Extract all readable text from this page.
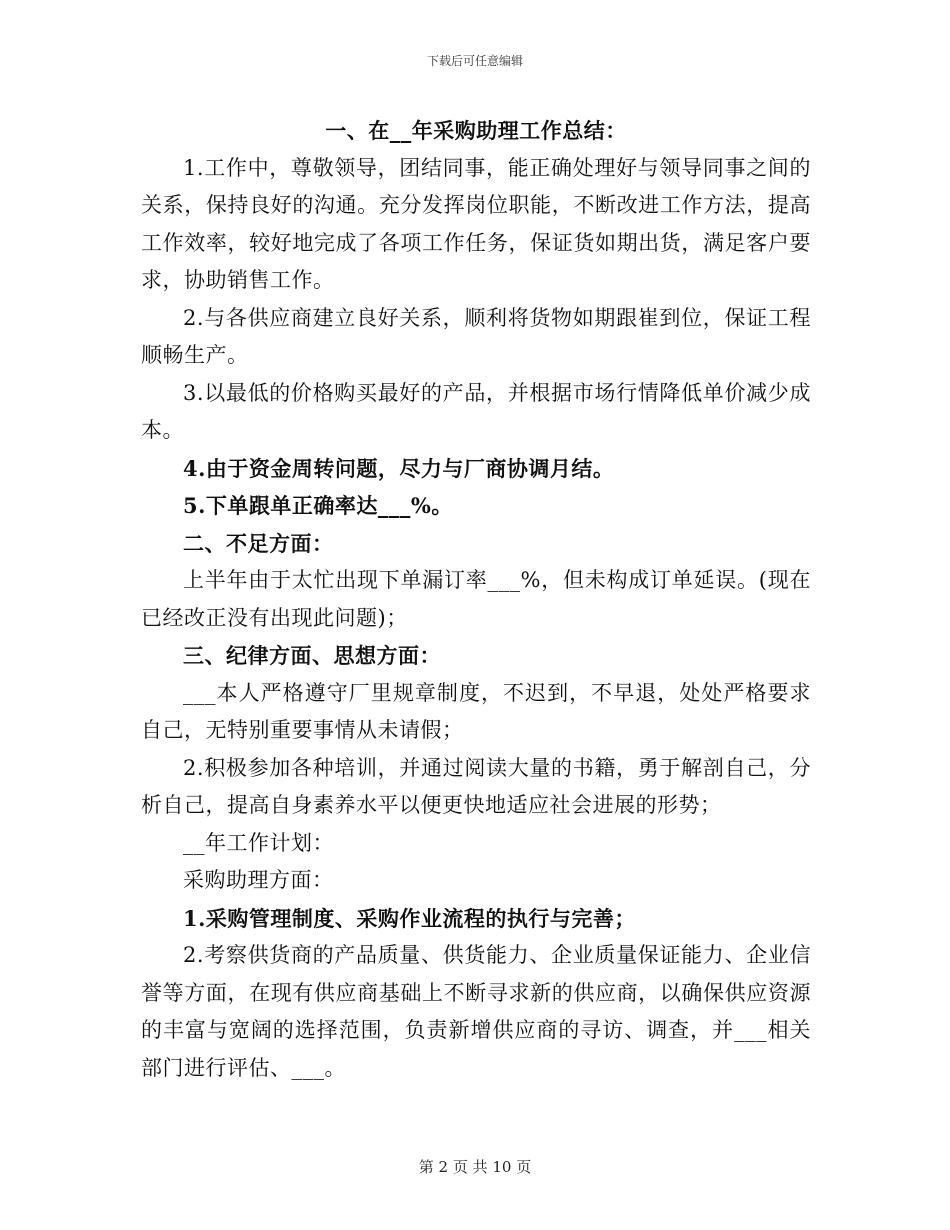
下载后可任意编辑

一、在__年采购助理工作总结：

1.工作中，尊敬领导，团结同事，能正确处理好与领导同事之间的关系，保持良好的沟通。充分发挥岗位职能，不断改进工作方法，提高工作效率，较好地完成了各项工作任务，保证货如期出货，满足客户要求，协助销售工作。

2.与各供应商建立良好关系，顺利将货物如期跟崔到位，保证工程顺畅生产。

3.以最低的价格购买最好的产品，并根据市场行情降低单价减少成本。

4.由于资金周转问题，尽力与厂商协调月结。

5.下单跟单正确率达___%。

二、不足方面：

上半年由于太忙出现下单漏订率___%，但未构成订单延误。(现在已经改正没有出现此问题)；

三、纪律方面、思想方面：

___本人严格遵守厂里规章制度，不迟到，不早退，处处严格要求自己，无特别重要事情从未请假；

2.积极参加各种培训，并通过阅读大量的书籍，勇于解剖自己，分析自己，提高自身素养水平以便更快地适应社会进展的形势；

__年工作计划：

采购助理方面：

1.采购管理制度、采购作业流程的执行与完善；

2.考察供货商的产品质量、供货能力、企业质量保证能力、企业信誉等方面，在现有供应商基础上不断寻求新的供应商，以确保供应资源的丰富与宽阔的选择范围，负责新增供应商的寻访、调查，并___相关部门进行评估、___。

第 2 页 共 10 页
